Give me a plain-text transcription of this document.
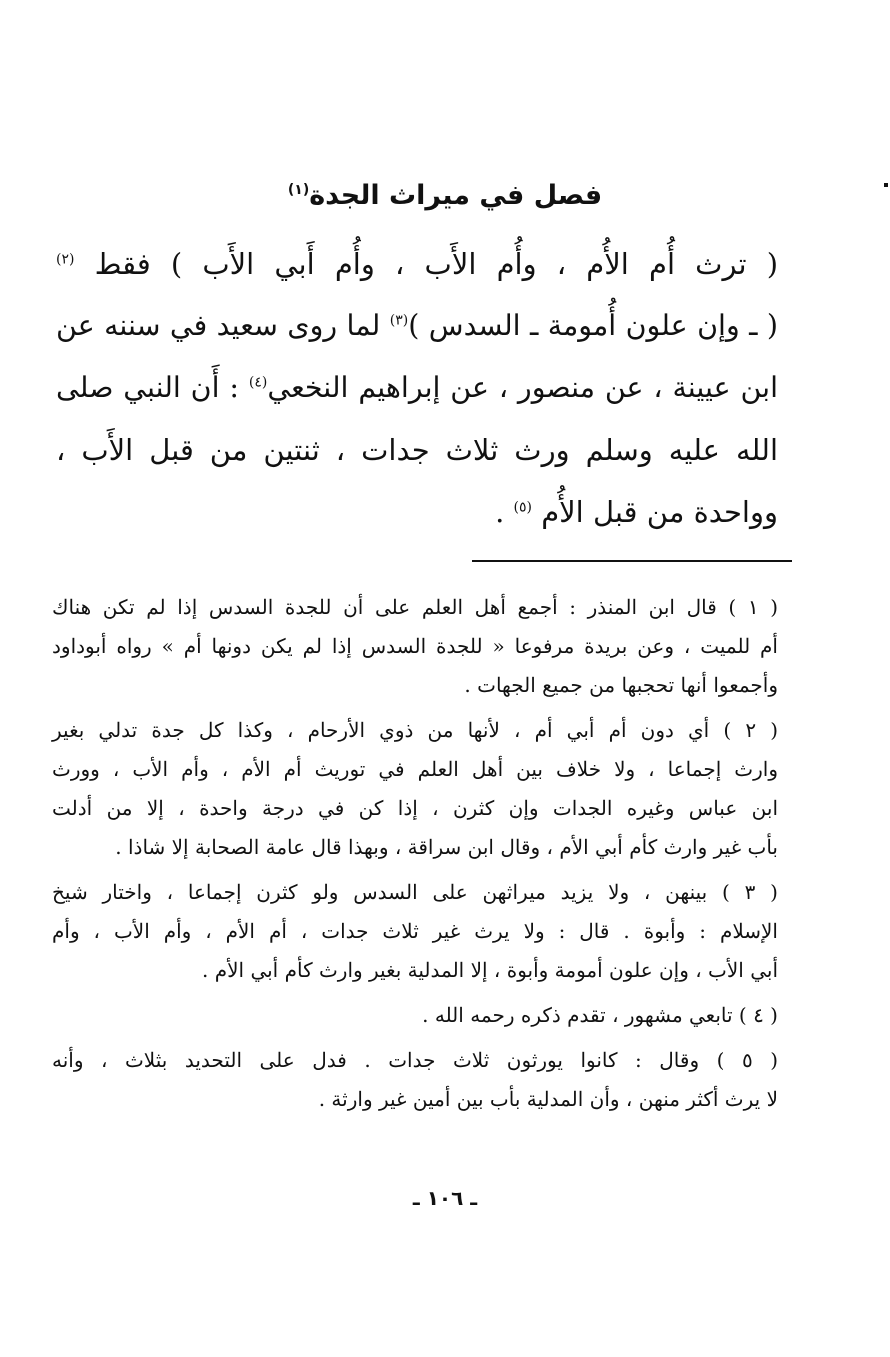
فصل في ميراث الجدة$^{(١)}$
( ترث أُم الأُم ، وأُم الأَب ، وأُم أَبي الأَب ) فقط $^{(٢)}$
( ـ وإن علون أُمومة ـ السدس )$^{(٣)}$ لما روى سعيد في سننه عن
ابن عيينة ، عن منصور ، عن إبراهيم النخعي$^{(٤)}$ : أَن النبي صلى
الله عليه وسلم ورث ثلاث جدات ، ثنتين من قبل الأَب ،
وواحدة من قبل الأُم $^{(٥)}$ .
( ١ ) قال ابن المنذر : أجمع أهل العلم على أن للجدة السدس إذا لم تكن هناك
أم للميت ، وعن بريدة مرفوعا « للجدة السدس إذا لم يكن دونها أم » رواه أبوداود
وأجمعوا أنها تحجبها من جميع الجهات .
( ٢ ) أي دون أم أبي أم ، لأنها من ذوي الأرحام ، وكذا كل جدة تدلي بغير
وارث إجماعا ، ولا خلاف بين أهل العلم في توريث أم الأم ، وأم الأب ، وورث
ابن عباس وغيره الجدات وإن كثرن ، إذا كن في درجة واحدة ، إلا من أدلت
بأب غير وارث كأم أبي الأم ، وقال ابن سراقة ، وبهذا قال عامة الصحابة إلا شاذا .
( ٣ ) بينهن ، ولا يزيد ميراثهن على السدس ولو كثرن إجماعا ، واختار شيخ
الإسلام : وأبوة . قال : ولا يرث غير ثلاث جدات ، أم الأم ، وأم الأب ، وأم
أبي الأب ، وإن علون أمومة وأبوة ، إلا المدلية بغير وارث كأم أبي الأم .
( ٤ ) تابعي مشهور ، تقدم ذكره رحمه الله .
( ٥ ) وقال : كانوا يورثون ثلاث جدات . فدل على التحديد بثلاث ، وأنه
لا يرث أكثر منهن ، وأن المدلية بأب بين أمين غير وارثة .
ـ ١٠٦ ـ
